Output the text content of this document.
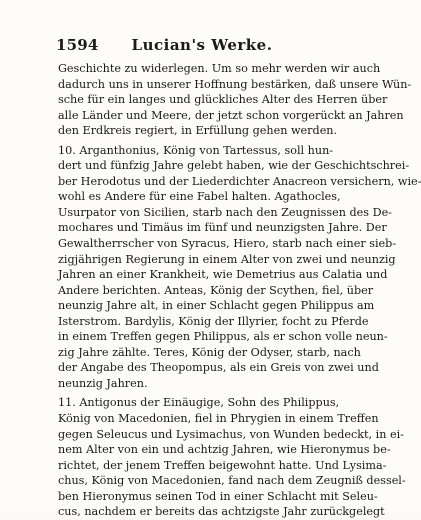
1594	Lucian's Werke.
Geschichte zu widerlegen. Um so mehr werden wir auch
dadurch uns in unserer Hoffnung bestärken, daß unsere Wün-
sche für ein langes und glückliches Alter des Herren über
alle Länder und Meere, der jetzt schon vorgerückt an Jahren
den Erdkreis regiert, in Erfüllung gehen werden.
10. Arganthonius, König von Tartessus, soll hun-
dert und fünfzig Jahre gelebt haben, wie der Geschichtschrei-
ber Herodotus und der Liederdichter Anacreon versichern, wie-
wohl es Andere für eine Fabel halten. Agathocles,
Usurpator von Sicilien, starb nach den Zeugnissen des De-
mochares und Timäus im fünf und neunzigsten Jahre. Der
Gewaltherrscher von Syracus, Hiero, starb nach einer sieb-
zigjährigen Regierung in einem Alter von zwei und neunzig
Jahren an einer Krankheit, wie Demetrius aus Calatia und
Andere berichten. Anteas, König der Scythen, fiel, über
neunzig Jahre alt, in einer Schlacht gegen Philippus am
Isterstrom. Bardylis, König der Illyrier, focht zu Pferde
in einem Treffen gegen Philippus, als er schon volle neun-
zig Jahre zählte. Teres, König der Odyser, starb, nach
der Angabe des Theopompus, als ein Greis von zwei und
neunzig Jahren.
11. Antigonus der Einäugige, Sohn des Philippus,
König von Macedonien, fiel in Phrygien in einem Treffen
gegen Seleucus und Lysimachus, von Wunden bedeckt, in ei-
nem Alter von ein und achtzig Jahren, wie Hieronymus be-
richtet, der jenem Treffen beigewohnt hatte. Und Lysima-
chus, König von Macedonien, fand nach dem Zeugniß dessel-
ben Hieronymus seinen Tod in einer Schlacht mit Seleu-
cus, nachdem er bereits das achtzigste Jahr zurückgelegt
